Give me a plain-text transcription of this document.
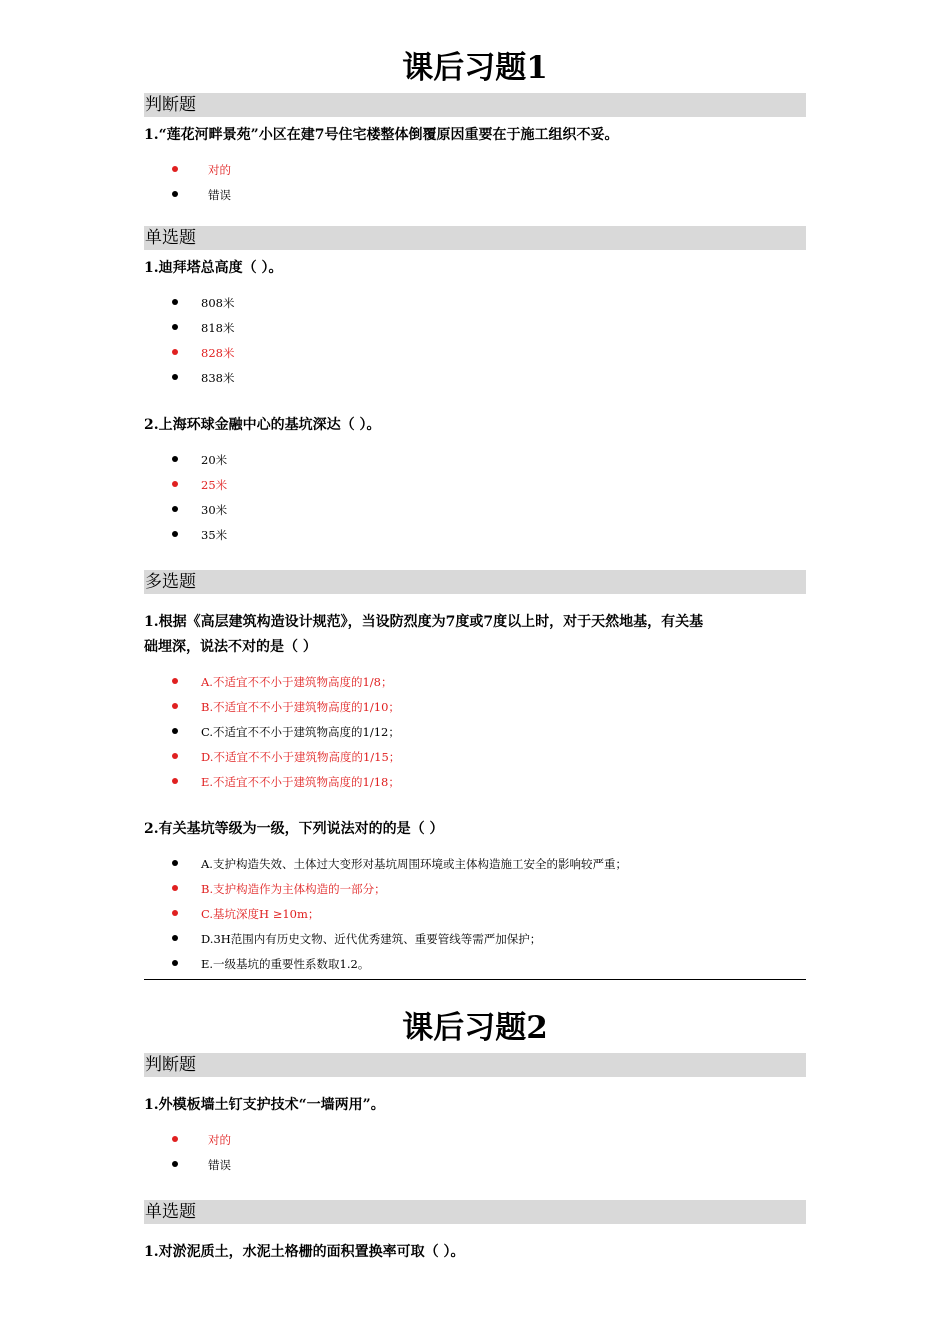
课后习题1
判断题

1.“莲花河畔景苑”小区在建7号住宅楼整体倒覆原因重要在于施工组织不妥。

对的
错误
单选题

1.迪拜塔总高度（ ）。

808米
818米
828米
838米

2.上海环球金融中心的基坑深达（ ）。

20米
25米
30米
35米
多选题

1.根据《高层建筑构造设计规范》，当设防烈度为7度或7度以上时，对于天然地基，有关基

础埋深，说法不对的是（ ）

A.不适宜不不小于建筑物高度的1/8；
B.不适宜不不小于建筑物高度的1/10；
C.不适宜不不小于建筑物高度的1/12；
D.不适宜不不小于建筑物高度的1/15；
E.不适宜不不小于建筑物高度的1/18；

2.有关基坑等级为一级，下列说法对的的是（ ）

A.支护构造失效、土体过大变形对基坑周围环境或主体构造施工安全的影响较严重；
B.支护构造作为主体构造的一部分；
C.基坑深度H ≥10m；
D.3H范围内有历史文物、近代优秀建筑、重要管线等需严加保护；
E.一级基坑的重要性系数取1.2。
课后习题2
判断题

1.外模板墙土钉支护技术“一墙两用”。

对的
错误
单选题

1.对淤泥质土，水泥土格栅的面积置换率可取（ ）。
